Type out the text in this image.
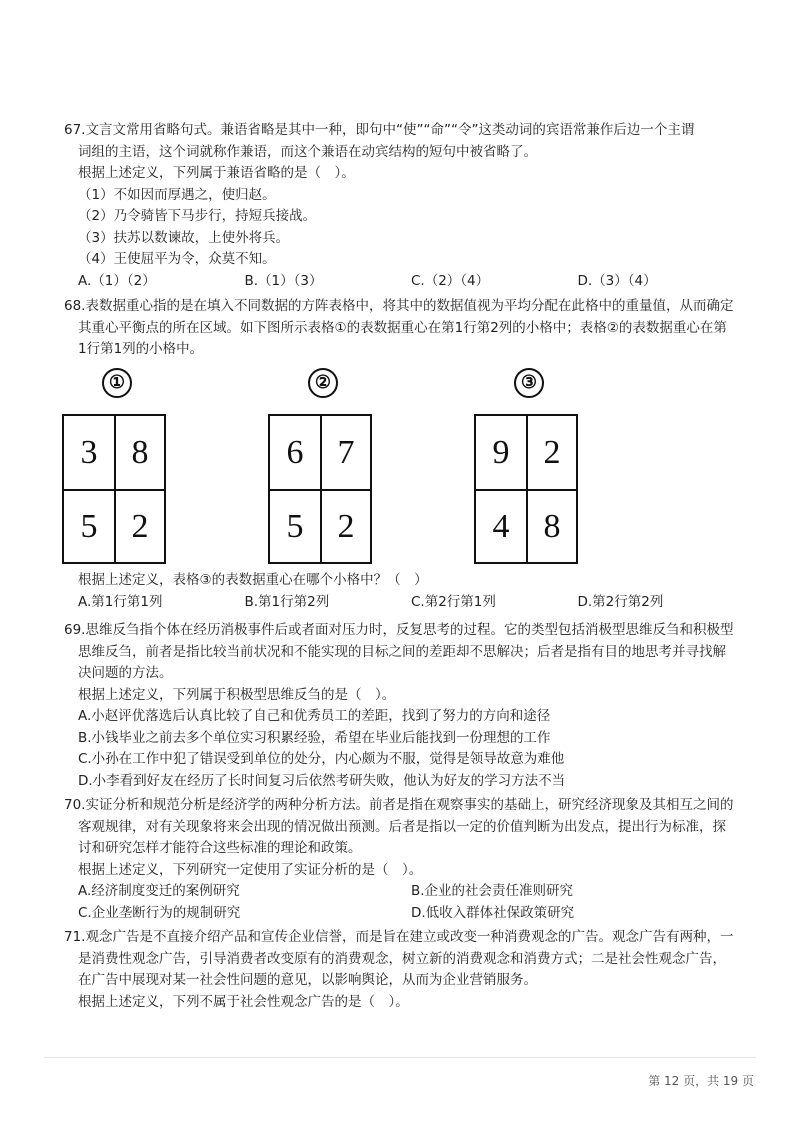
67.文言文常用省略句式。兼语省略是其中一种，即句中“使”“命”“令”这类动词的宾语常兼作后边一个主谓
词组的主语，这个词就称作兼语，而这个兼语在动宾结构的短句中被省略了。
根据上述定义，下列属于兼语省略的是（　）。
（1）不如因而厚遇之，使归赵。
（2）乃令骑皆下马步行，持短兵接战。
（3）扶苏以数谏故，上使外将兵。
（4）王使屈平为令，众莫不知。
A.（1）（2）	B.（1）（3）	C.（2）（4）	D.（3）（4）
68.表数据重心指的是在填入不同数据的方阵表格中，将其中的数据值视为平均分配在此格中的重量值，从而确定
其重心平衡点的所在区域。如下图所示表格①的表数据重心在第1行第2列的小格中；表格②的表数据重心在第
1行第1列的小格中。
①
3	8
5	2
②
6	7
5	2
③
9	2
4	8
根据上述定义，表格③的表数据重心在哪个小格中？（　）
A.第1行第1列	B.第1行第2列	C.第2行第1列	D.第2行第2列
69.思维反刍指个体在经历消极事件后或者面对压力时，反复思考的过程。它的类型包括消极型思维反刍和积极型
思维反刍，前者是指比较当前状况和不能实现的目标之间的差距却不思解决；后者是指有目的地思考并寻找解
决问题的方法。
根据上述定义，下列属于积极型思维反刍的是（　）。
A.小赵评优落选后认真比较了自己和优秀员工的差距，找到了努力的方向和途径
B.小钱毕业之前去多个单位实习积累经验，希望在毕业后能找到一份理想的工作
C.小孙在工作中犯了错误受到单位的处分，内心颇为不服，觉得是领导故意为难他
D.小李看到好友在经历了长时间复习后依然考研失败，他认为好友的学习方法不当
70.实证分析和规范分析是经济学的两种分析方法。前者是指在观察事实的基础上，研究经济现象及其相互之间的
客观规律，对有关现象将来会出现的情况做出预测。后者是指以一定的价值判断为出发点，提出行为标准，探
讨和研究怎样才能符合这些标准的理论和政策。
根据上述定义，下列研究一定使用了实证分析的是（　）。
A.经济制度变迁的案例研究	B.企业的社会责任准则研究
C.企业垄断行为的规制研究	D.低收入群体社保政策研究
71.观念广告是不直接介绍产品和宣传企业信誉，而是旨在建立或改变一种消费观念的广告。观念广告有两种，一
是消费性观念广告，引导消费者改变原有的消费观念，树立新的消费观念和消费方式；二是社会性观念广告，
在广告中展现对某一社会性问题的意见，以影响舆论，从而为企业营销服务。
根据上述定义，下列不属于社会性观念广告的是（　）。
第 12 页，共 19 页
